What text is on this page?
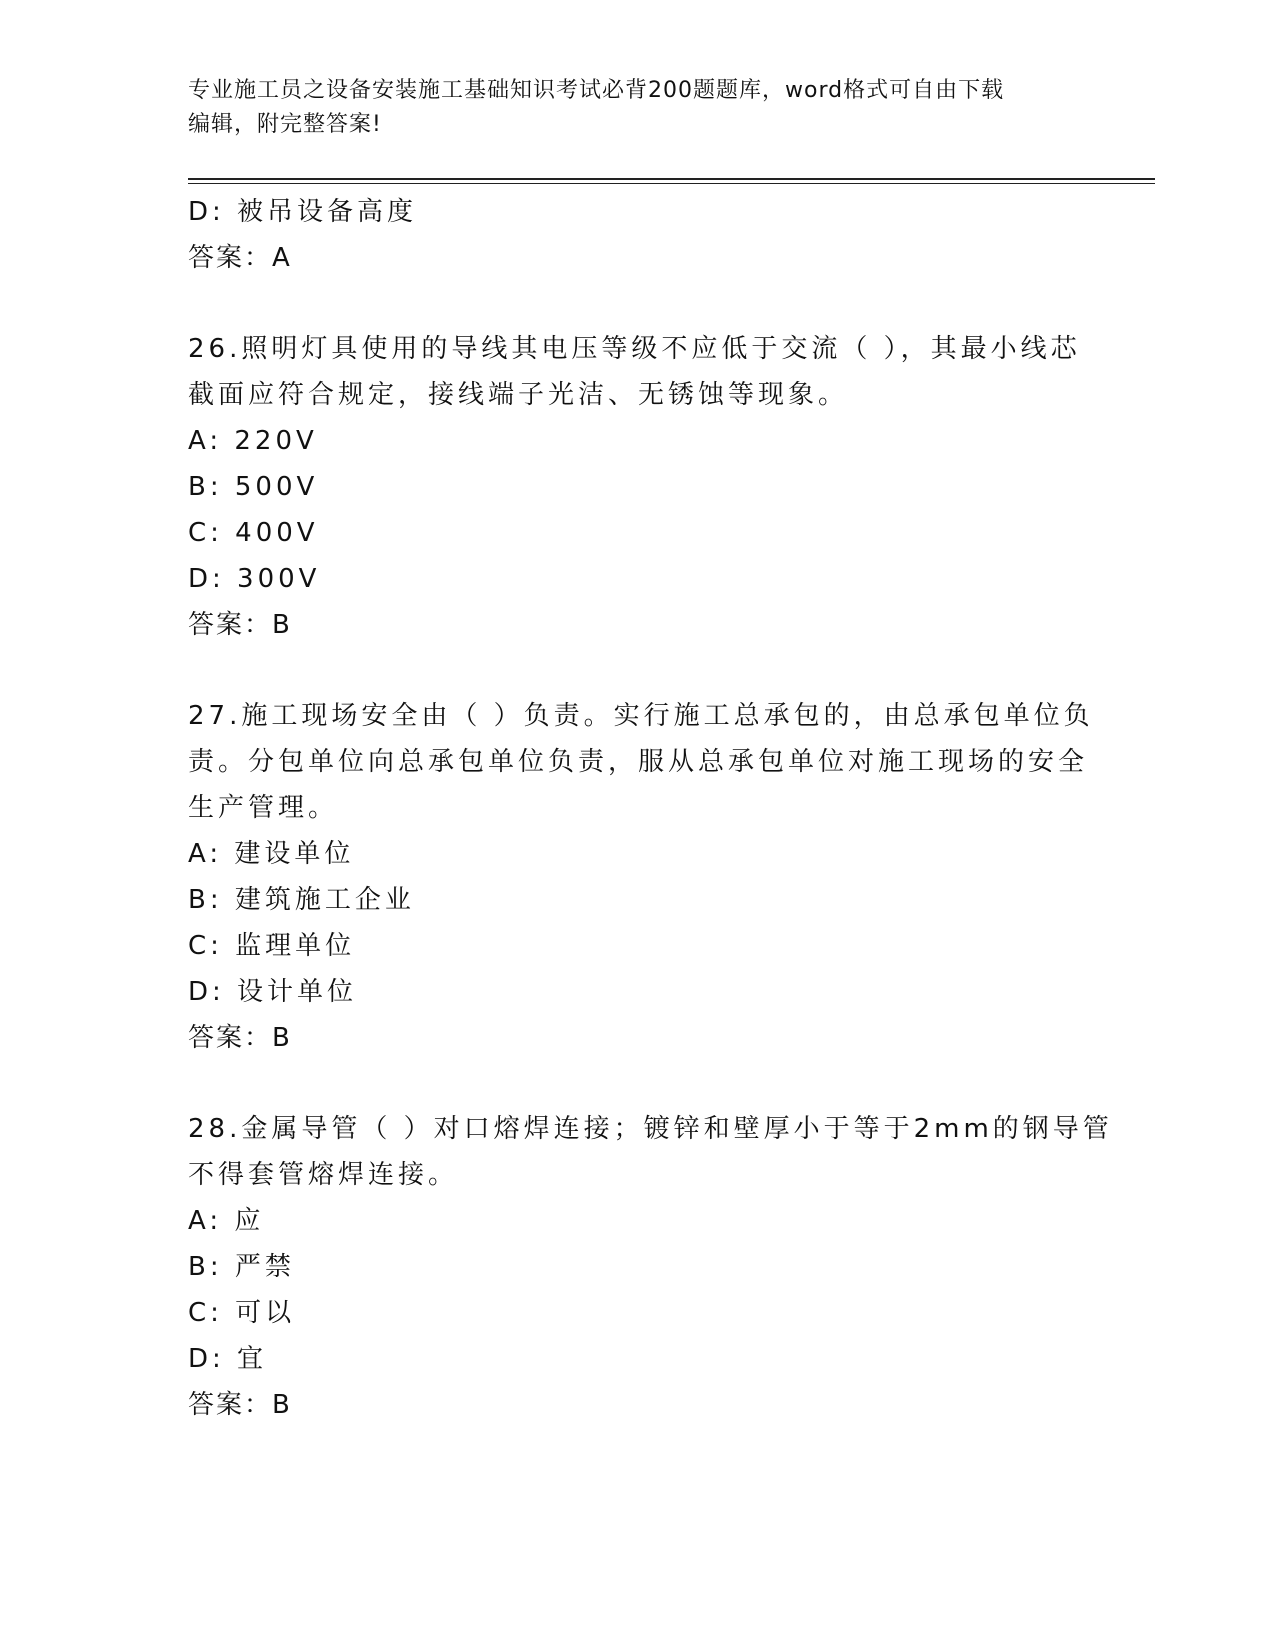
专业施工员之设备安装施工基础知识考试必背200题题库，word格式可自由下载
编辑，附完整答案!
D: 被吊设备高度
答案：A
26.照明灯具使用的导线其电压等级不应低于交流（ ），其最小线芯
截面应符合规定，接线端子光洁、无锈蚀等现象。
A: 220V
B: 500V
C: 400V
D: 300V
答案：B
27.施工现场安全由（ ）负责。实行施工总承包的，由总承包单位负
责。分包单位向总承包单位负责，服从总承包单位对施工现场的安全
生产管理。
A: 建设单位
B: 建筑施工企业
C: 监理单位
D: 设计单位
答案：B
28.金属导管（ ）对口熔焊连接；镀锌和壁厚小于等于2mm的钢导管
不得套管熔焊连接。
A: 应
B: 严禁
C: 可以
D: 宜
答案：B
